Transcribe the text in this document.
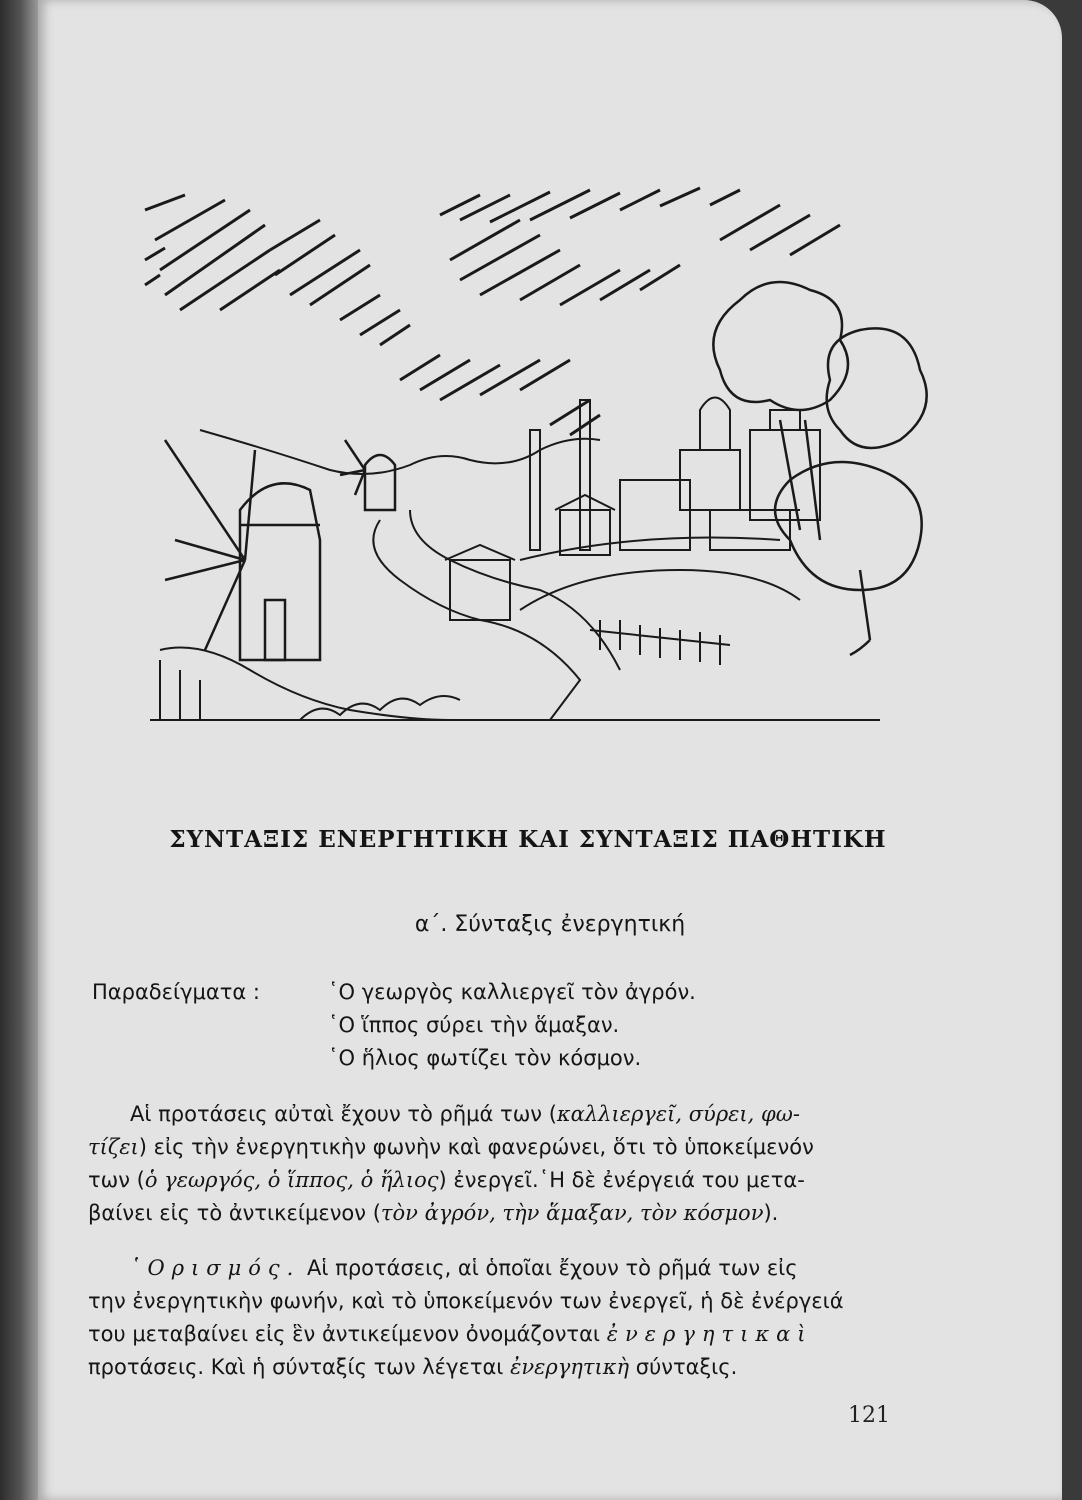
ΣΥΝΤΑΞΙΣ ΕΝΕΡΓΗΤΙΚΗ ΚΑΙ ΣΥΝΤΑΞΙΣ ΠΑΘΗΤΙΚΗ
α΄. Σύνταξις ἐνεργητική
Παραδείγματα :	῾Ο γεωργὸς καλλιεργεῖ τὸν ἀγρόν.
῾Ο ἵππος σύρει τὴν ἅμαξαν.
῾Ο ἥλιος φωτίζει τὸν κόσμον.
Αἱ προτάσεις αὐταὶ ἔχουν τὸ ρῆμά των (καλλιεργεῖ, σύρει, φω-
τίζει) εἰς τὴν ἐνεργητικὴν φωνὴν καὶ φανερώνει, ὅτι τὸ ὑποκείμενόν
των (ὁ γεωργός, ὁ ἵππος, ὁ ἥλιος) ἐνεργεῖ.῾Η δὲ ἐνέργειά του μετα-
βαίνει εἰς τὸ ἀντικείμενον (τὸν ἀγρόν, τὴν ἅμαξαν, τὸν κόσμον).
῾Ορισμός. Αἱ προτάσεις, αἱ ὁποῖαι ἔχουν τὸ ρῆμά των εἰς
την ἐνεργητικὴν φωνήν, καὶ τὸ ὑποκείμενόν των ἐνεργεῖ, ἡ δὲ ἐνέργειά
του μεταβαίνει εἰς ἓν ἀντικείμενον ὀνομάζονται ἐνεργητικαὶ
προτάσεις. Καὶ ἡ σύνταξίς των λέγεται ἐνεργητικὴ σύνταξις.
121
